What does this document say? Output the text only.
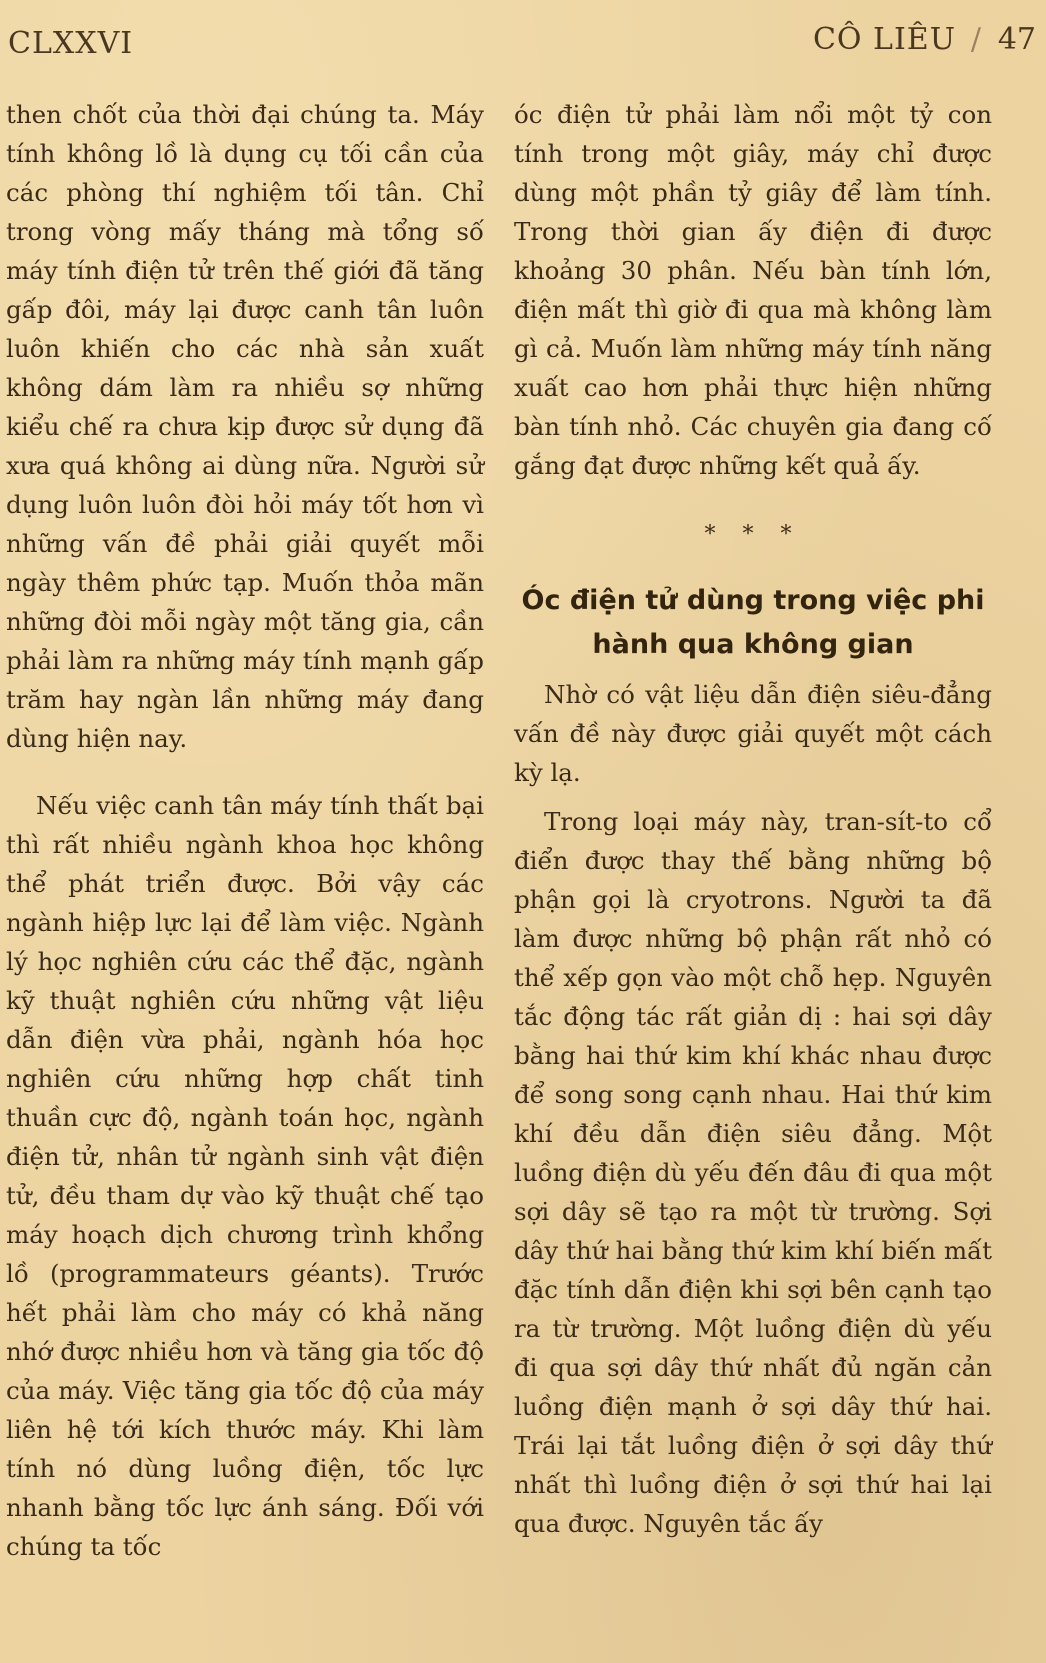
CLXXVI	CÔ LIÊU / 47

then chốt của thời đại chúng ta. Máy tính không lồ là dụng cụ tối cần của các phòng thí nghiệm tối tân. Chỉ trong vòng mấy tháng mà tổng số máy tính điện tử trên thế giới đã tăng gấp đôi, máy lại được canh tân luôn luôn khiến cho các nhà sản xuất không dám làm ra nhiều sợ những kiểu chế ra chưa kịp được sử dụng đã xưa quá không ai dùng nữa. Người sử dụng luôn luôn đòi hỏi máy tốt hơn vì những vấn đề phải giải quyết mỗi ngày thêm phức tạp. Muốn thỏa mãn những đòi mỗi ngày một tăng gia, cần phải làm ra những máy tính mạnh gấp trăm hay ngàn lần những máy đang dùng hiện nay.

Nếu việc canh tân máy tính thất bại thì rất nhiều ngành khoa học không thể phát triển được. Bởi vậy các ngành hiệp lực lại để làm việc. Ngành lý học nghiên cứu các thể đặc, ngành kỹ thuật nghiên cứu những vật liệu dẫn điện vừa phải, ngành hóa học nghiên cứu những hợp chất tinh thuần cực độ, ngành toán học, ngành điện tử, nhân tử ngành sinh vật điện tử, đều tham dự vào kỹ thuật chế tạo máy hoạch dịch chương trình khổng lồ (programmateurs géants). Trước hết phải làm cho máy có khả năng nhớ được nhiều hơn và tăng gia tốc độ của máy. Việc tăng gia tốc độ của máy liên hệ tới kích thước máy. Khi làm tính nó dùng luồng điện, tốc lực nhanh bằng tốc lực ánh sáng. Đối với chúng ta tốc

óc điện tử phải làm nổi một tỷ con tính trong một giây, máy chỉ được dùng một phần tỷ giây để làm tính. Trong thời gian ấy điện đi được khoảng 30 phân. Nếu bàn tính lớn, điện mất thì giờ đi qua mà không làm gì cả. Muốn làm những máy tính năng xuất cao hơn phải thực hiện những bàn tính nhỏ. Các chuyên gia đang cố gắng đạt được những kết quả ấy.

* * *
Óc điện tử dùng trong việc phi hành qua không gian

Nhờ có vật liệu dẫn điện siêu-đẳng vấn đề này được giải quyết một cách kỳ lạ.

Trong loại máy này, tran-sít-to cổ điển được thay thế bằng những bộ phận gọi là cryotrons. Người ta đã làm được những bộ phận rất nhỏ có thể xếp gọn vào một chỗ hẹp. Nguyên tắc động tác rất giản dị : hai sợi dây bằng hai thứ kim khí khác nhau được để song song cạnh nhau. Hai thứ kim khí đều dẫn điện siêu đẳng. Một luồng điện dù yếu đến đâu đi qua một sợi dây sẽ tạo ra một từ trường. Sợi dây thứ hai bằng thứ kim khí biến mất đặc tính dẫn điện khi sợi bên cạnh tạo ra từ trường. Một luồng điện dù yếu đi qua sợi dây thứ nhất đủ ngăn cản luồng điện mạnh ở sợi dây thứ hai. Trái lại tắt luồng điện ở sợi dây thứ nhất thì luồng điện ở sợi thứ hai lại qua được. Nguyên tắc ấy
